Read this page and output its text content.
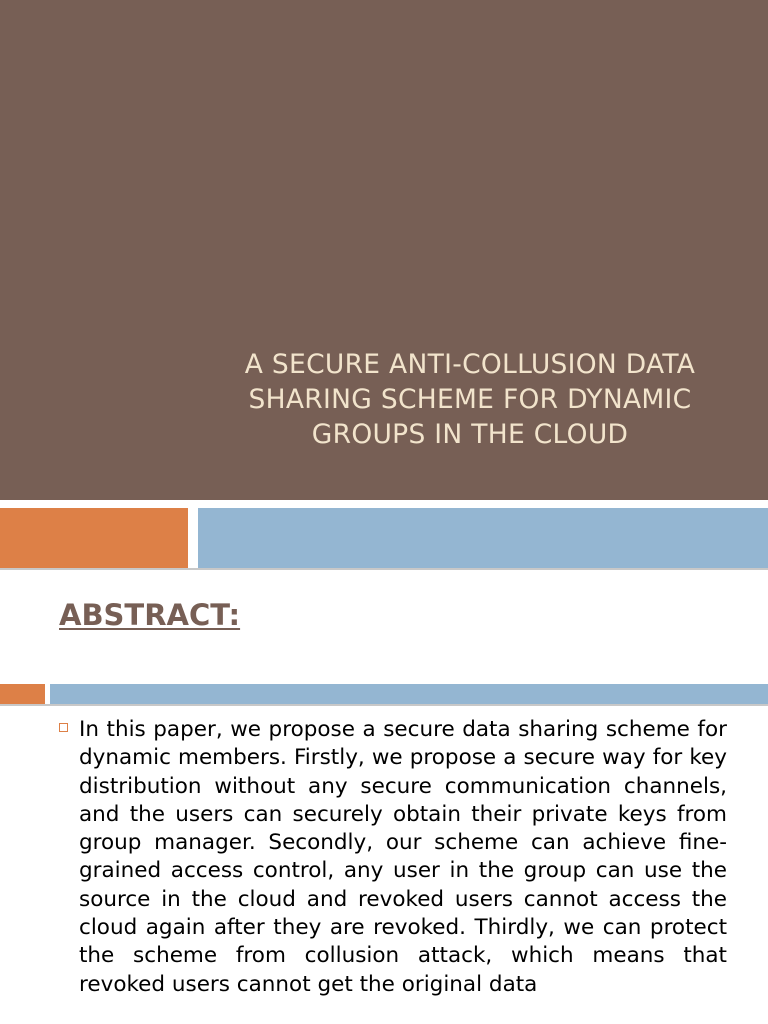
A SECURE ANTI-COLLUSION DATA SHARING SCHEME FOR DYNAMIC GROUPS IN THE CLOUD
ABSTRACT:

In this paper, we propose a secure data sharing scheme for dynamic members. Firstly, we propose a secure way for key distribution without any secure communication channels, and the users can securely obtain their private keys from group manager. Secondly, our scheme can achieve fine-grained access control, any user in the group can use the source in the cloud and revoked users cannot access the cloud again after they are revoked. Thirdly, we can protect the scheme from collusion attack, which means that revoked users cannot get the original data
